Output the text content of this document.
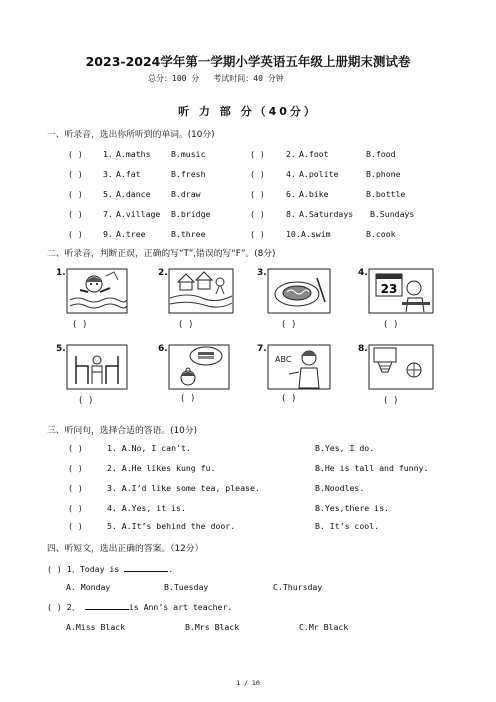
2023-2024学年第一学期小学英语五年级上册期末测试卷
总分：100 分 考试时间：40 分钟
听 力 部 分（40分）
一、听录音，选出你所听到的单词。(10分)
( ) 1. A.maths B.music	( )	2. A.foot	B.food
( ) 3. A.fat	B.fresh	( )	4. A.polite	B.phone
( ) 5. A.dance B.draw	( )	6. A.bike	B.bottle
( ) 7. A.village B.bridge	( )	8. A.Saturdays B.Sundays
( ) 9. A.tree	B.three	( )	10. A.swim	B.cook
二、听录音，判断正误，正确的写“T”,错误的写“F”。(8分)
1.
( )
2.
( )
3.
( )
4.
23
( )
5.
( )
6.
( )
7.
ABC
( )
8.
( )
三、听问句，选择合适的答语。(10分)
( )	1. A.No, I can't.	B.Yes, I do.
( )	2. A.He likes kung fu.	B.He is tall and funny.
( )	3. A.I’d like some tea, please.	B.Noodles.
( )	4. A.Yes, it is.	B.Yes,there is.
( )	5. A.It’s behind the door.	B. It’s cool.
四、听短文，选出正确的答案。（12分）
( ) 1、Today is	.
A. Monday	B.Tuesday	C.Thursday
( ) 2、	is Ann’s art teacher.
A.Miss Black	B.Mrs Black	C.Mr Black
1 / 10
